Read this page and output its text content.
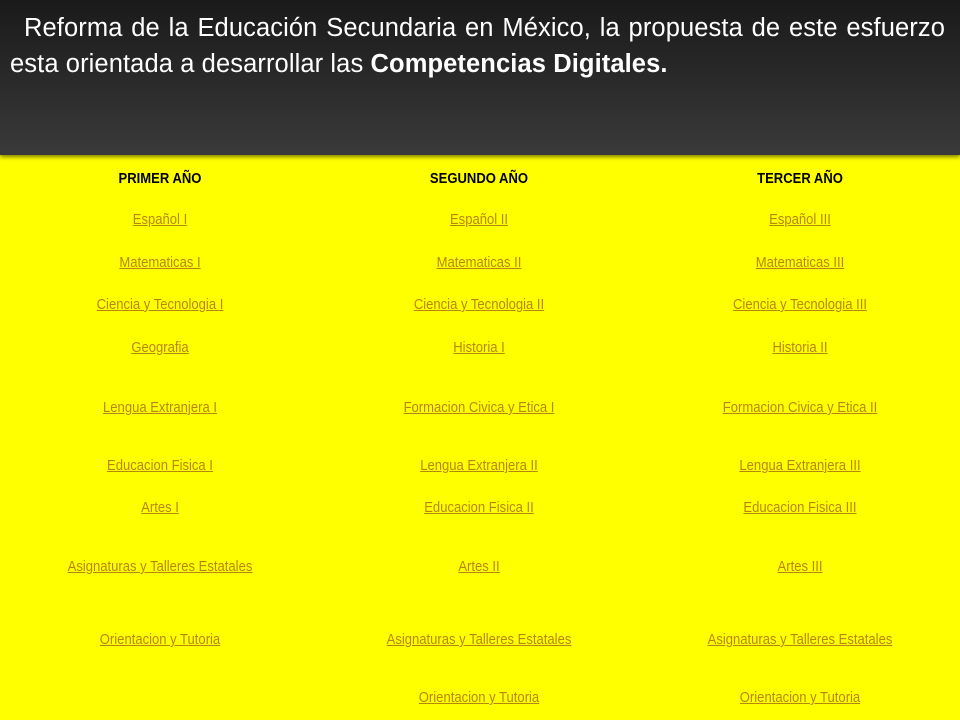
Reforma de la Educación Secundaria en México, la propuesta de este esfuerzo esta orientada a desarrollar las Competencias Digitales.

PRIMER AÑO
Español I
Matematicas I
Ciencia y Tecnologia I
Geografia
Lengua Extranjera I
Educacion Fisica I
Artes I
Asignaturas y Talleres Estatales
Orientacion y Tutoria
SEGUNDO AÑO
Español II
Matematicas II
Ciencia y Tecnologia II
Historia I
Formacion Civica y Etica I
Lengua Extranjera II
Educacion Fisica II
Artes II
Asignaturas y Talleres Estatales
Orientacion y Tutoria
TERCER AÑO
Español III
Matematicas III
Ciencia y Tecnologia III
Historia II
Formacion Civica y Etica II
Lengua Extranjera III
Educacion Fisica III
Artes III
Asignaturas y Talleres Estatales
Orientacion y Tutoria
